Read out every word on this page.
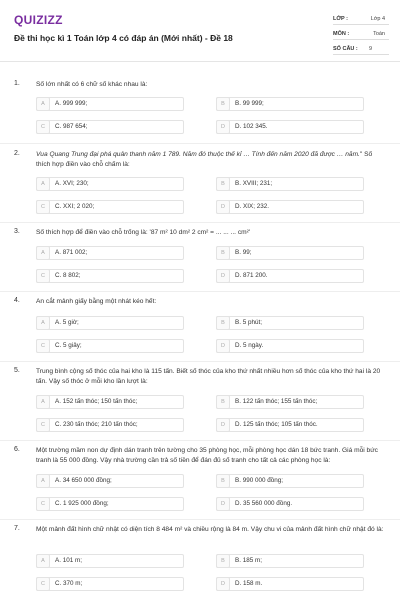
QUIZIZZ
Đề thi học kì 1 Toán lớp 4 có đáp án (Mới nhất) - Đề 18
LỚP :	Lớp 4
MÔN :	Toán
SỐ CÂU : 9
1. Số lớn nhất có 6 chữ số khác nhau là:
A	A. 999 999;	B	B. 99 999;
C	C. 987 654;	D	D. 102 345.
2. Vua Quang Trung đại phá quân thanh năm 1 789. Năm đó thuộc thế kỉ … Tính đến năm 2020 đã được … năm." Số thích hợp điền vào chỗ chấm là:
A	A. XVI; 230;	B	B. XVIII; 231;
C	C. XXI; 2 020;	D	D. XIX; 232.
3. Số thích hợp để điền vào chỗ trống là: '87 m² 10 dm² 2 cm² = ... ... ... cm²'
A	A. 871 002;	B	B. 99;
C	C. 8 802;	D	D. 871 200.
4. An cắt mảnh giấy bằng một nhát kéo hết:
A	A. 5 giờ;	B	B. 5 phút;
C	C. 5 giây;	D	D. 5 ngày.
5. Trung bình cộng số thóc của hai kho là 115 tấn. Biết số thóc của kho thứ nhất nhiều hơn số thóc của kho thứ hai là 20 tấn. Vậy số thóc ở mỗi kho lần lượt là:
A	A. 152 tấn thóc; 150 tấn thóc;	B	B. 122 tấn thóc; 155 tấn thóc;
C	C. 230 tấn thóc; 210 tấn thóc;	D	D. 125 tấn thóc; 105 tấn thóc.
6. Một trường mầm non dự định dán tranh trên tường cho 35 phòng học, mỗi phòng học dán 18 bức tranh. Giá mỗi bức tranh là 55 000 đồng. Vậy nhà trường cần trả số tiền để đán đủ số tranh cho tất cả các phòng học là:
A	A. 34 650 000 đồng;	B	B. 990 000 đồng;
C	C. 1 925 000 đồng;	D	D. 35 560 000 đồng.
7. Một mảnh đất hình chữ nhật có diện tích 8 484 m² và chiều rộng là 84 m. Vậy chu vi của mảnh đất hình chữ nhật đó là:
A	A. 101 m;	B	B. 185 m;
C	C. 370 m;	D	D. 158 m.
